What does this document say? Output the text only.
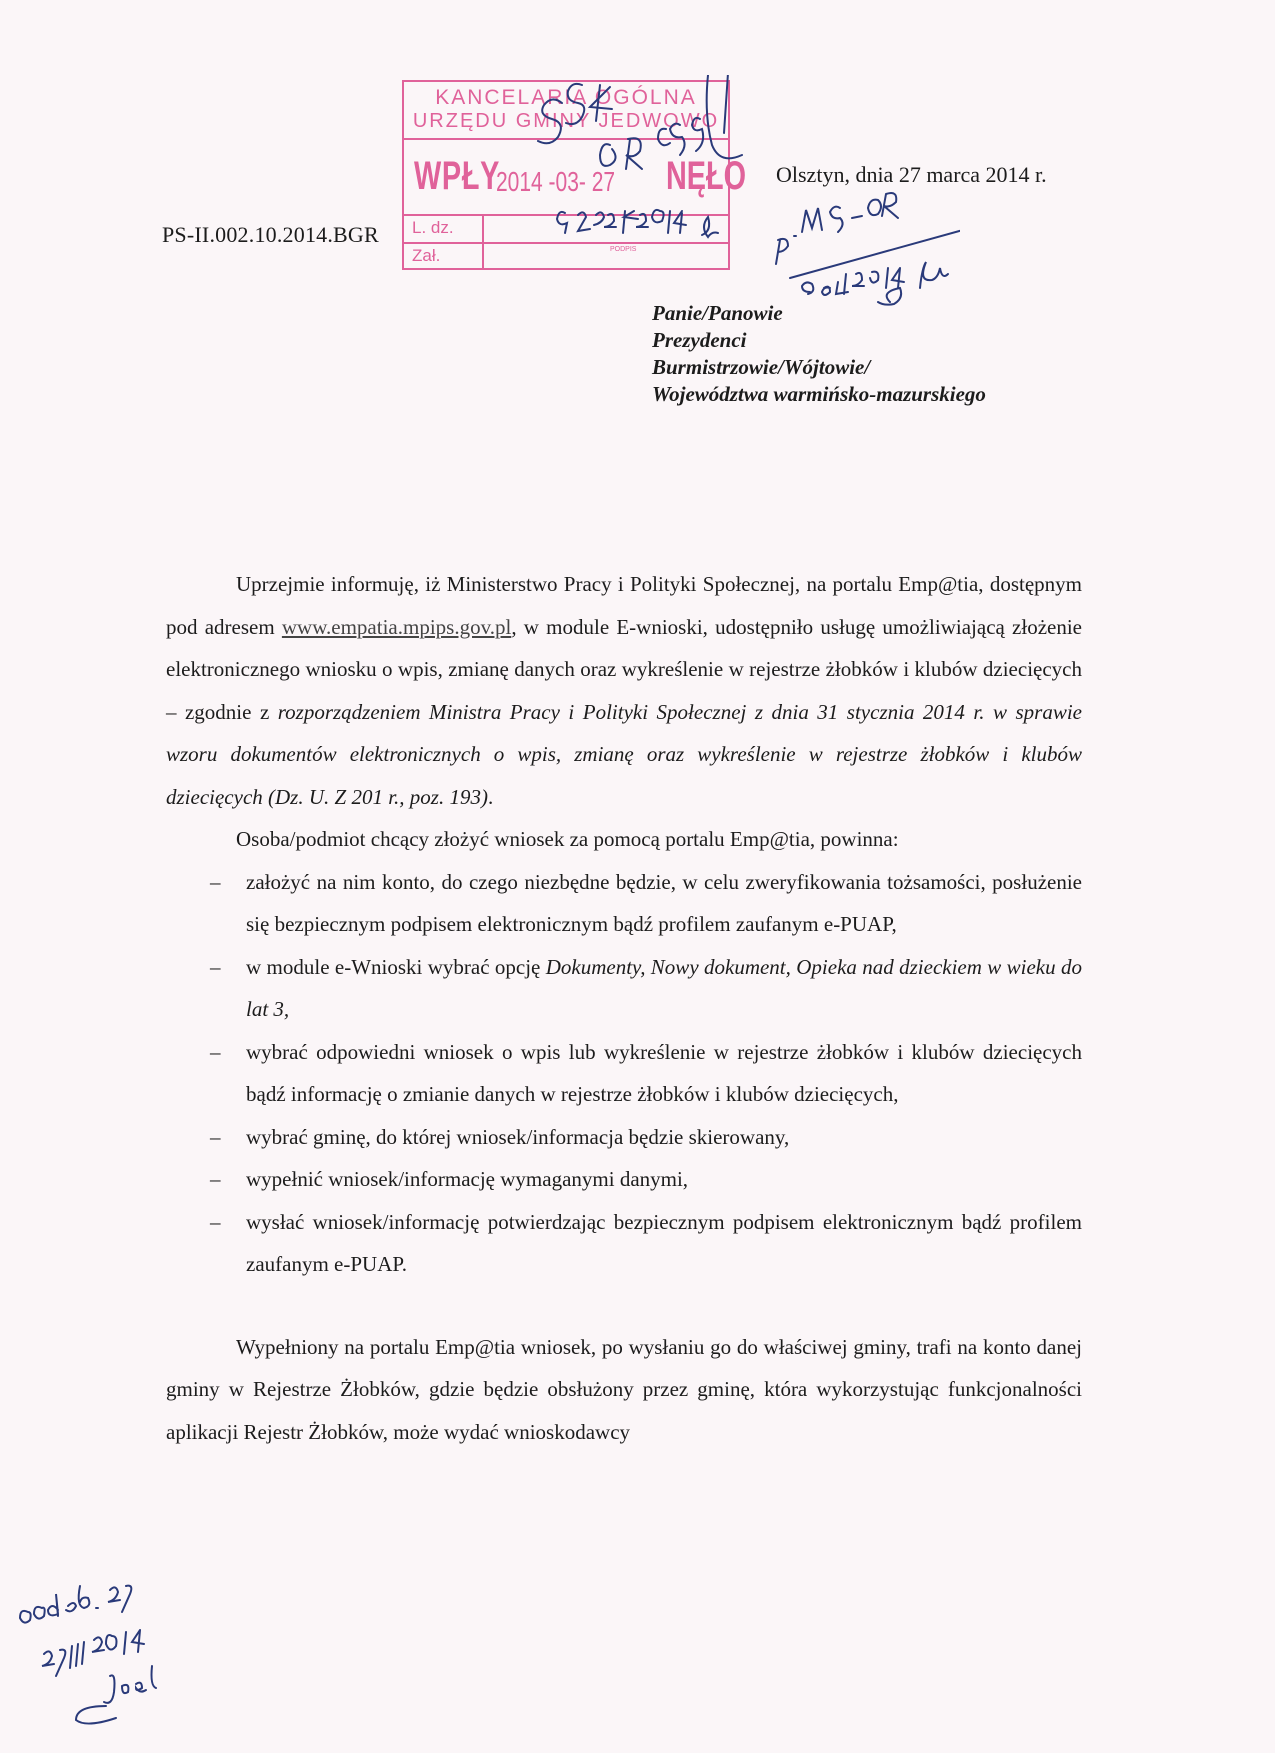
PS-II.002.10.2014.BGR
KANCELARIA OGÓLNA
URZĘDU GMINY JEDWOWO
WPŁY
2014 -03- 27 NĘŁO
L. dz.
Zał.	PODPIS
Olsztyn, dnia 27 marca 2014 r.
Panie/Panowie
Prezydenci
Burmistrzowie/Wójtowie/
Województwa warmińsko-mazurskiego

Uprzejmie informuję, iż Ministerstwo Pracy i Polityki Społecznej, na portalu Emp@tia, dostępnym pod adresem www.empatia.mpips.gov.pl, w module E-wnioski, udostępniło usługę umożliwiającą złożenie elektronicznego wniosku o wpis, zmianę danych oraz wykreślenie w rejestrze żłobków i klubów dziecięcych – zgodnie z rozporządzeniem Ministra Pracy i Polityki Społecznej z dnia 31 stycznia 2014 r. w sprawie wzoru dokumentów elektronicznych o wpis, zmianę oraz wykreślenie w rejestrze żłobków i klubów dziecięcych (Dz. U. Z 201 r., poz. 193).

Osoba/podmiot chcący złożyć wniosek za pomocą portalu Emp@tia, powinna:

– założyć na nim konto, do czego niezbędne będzie, w celu zweryfikowania tożsamości, posłużenie się bezpiecznym podpisem elektronicznym bądź profilem zaufanym e-PUAP,
– w module e-Wnioski wybrać opcję Dokumenty, Nowy dokument, Opieka nad dzieckiem w wieku do lat 3,
– wybrać odpowiedni wniosek o wpis lub wykreślenie w rejestrze żłobków i klubów dziecięcych bądź informację o zmianie danych w rejestrze żłobków i klubów dziecięcych,
– wybrać gminę, do której wniosek/informacja będzie skierowany,
– wypełnić wniosek/informację wymaganymi danymi,
– wysłać wniosek/informację potwierdzając bezpiecznym podpisem elektronicznym bądź profilem zaufanym e-PUAP.

Wypełniony na portalu Emp@tia wniosek, po wysłaniu go do właściwej gminy, trafi na konto danej gminy w Rejestrze Żłobków, gdzie będzie obsłużony przez gminę, która wykorzystując funkcjonalności aplikacji Rejestr Żłobków, może wydać wnioskodawcy
